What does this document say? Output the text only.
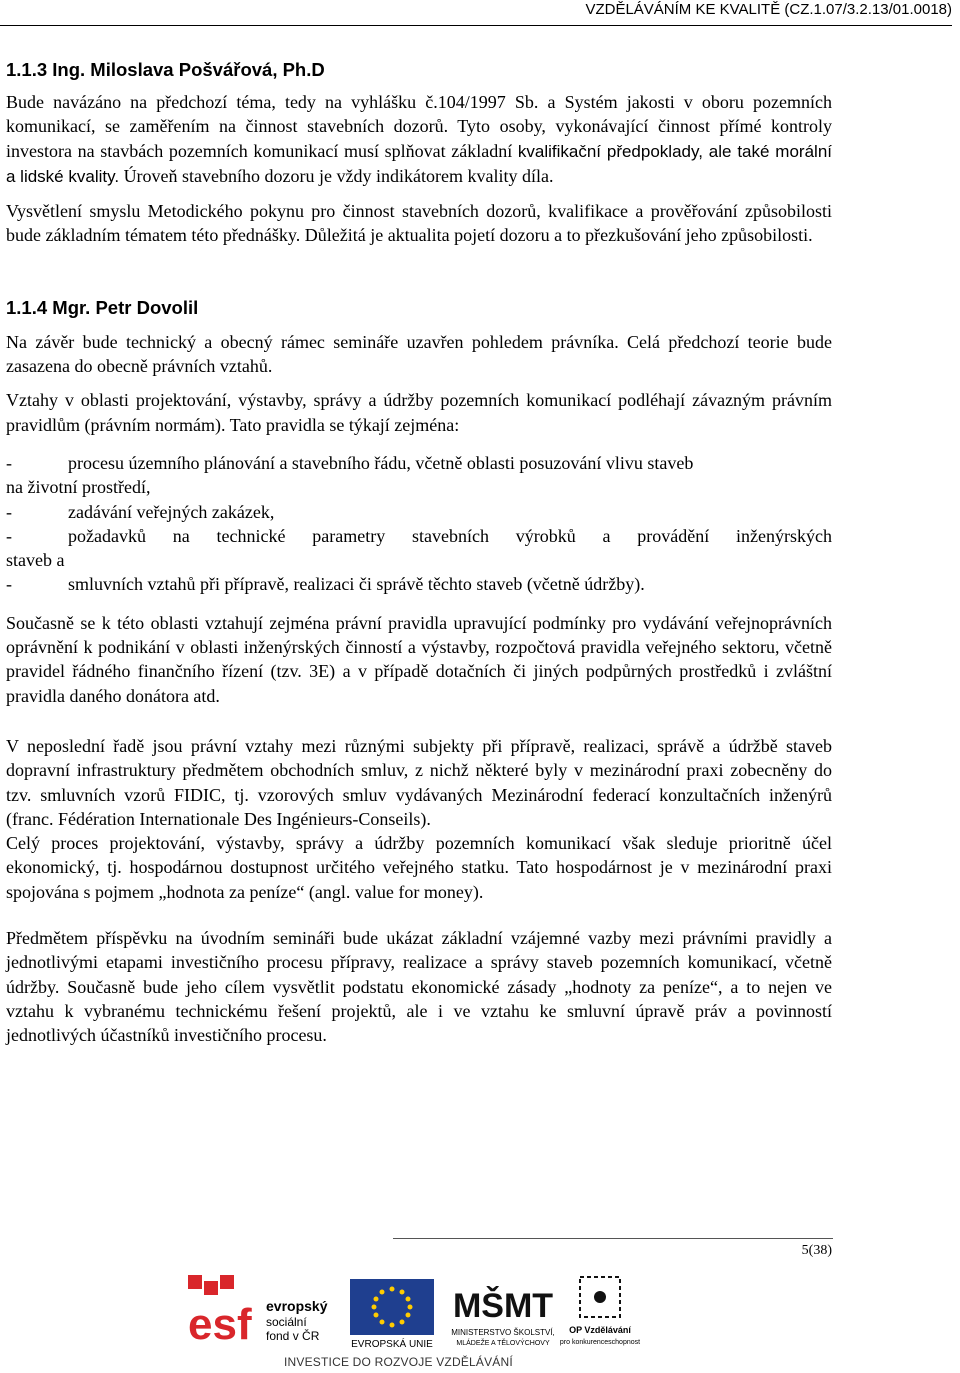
VZDĚLÁVÁNÍM KE KVALITĚ (CZ.1.07/3.2.13/01.0018)
1.1.3 Ing. Miloslava Pošvářová, Ph.D

Bude navázáno na předchozí téma, tedy na vyhlášku č.104/1997 Sb. a Systém jakosti v oboru pozemních komunikací, se zaměřením na činnost stavebních dozorů. Tyto osoby, vykonávající činnost přímé kontroly investora na stavbách pozemních komunikací musí splňovat základní kvalifikační předpoklady, ale také morální a lidské kvality. Úroveň stavebního dozoru je vždy indikátorem kvality díla.

Vysvětlení smyslu Metodického pokynu pro činnost stavebních dozorů, kvalifikace a prověřování způsobilosti bude základním tématem této přednášky. Důležitá je aktualita pojetí dozoru a to přezkušování jeho způsobilosti.

1.1.4 Mgr. Petr Dovolil

Na závěr bude technický a obecný rámec semináře uzavřen pohledem právníka. Celá předchozí teorie bude zasazena do obecně právních vztahů.

Vztahy v oblasti projektování, výstavby, správy a údržby pozemních komunikací podléhají závazným právním pravidlům (právním normám). Tato pravidla se týkají zejména:

-	procesu územního plánování a stavebního řádu, včetně oblasti posuzování vlivu staveb
na životní prostředí,
-	zadávání veřejných zakázek,
-	požadavků na technické parametry stavebních výrobků a provádění inženýrských
staveb a
-	smluvních vztahů při přípravě, realizaci či správě těchto staveb (včetně údržby).

Současně se k této oblasti vztahují zejména právní pravidla upravující podmínky pro vydávání veřejnoprávních oprávnění k podnikání v oblasti inženýrských činností a výstavby, rozpočtová pravidla veřejného sektoru, včetně pravidel řádného finančního řízení (tzv. 3E) a v případě dotačních či jiných podpůrných prostředků i zvláštní pravidla daného donátora atd.

V neposlední řadě jsou právní vztahy mezi různými subjekty při přípravě, realizaci, správě a údržbě staveb dopravní infrastruktury předmětem obchodních smluv, z nichž některé byly v mezinárodní praxi zobecněny do tzv. smluvních vzorů FIDIC, tj. vzorových smluv vydávaných Mezinárodní federací konzultačních inženýrů (franc. Fédération Internationale Des Ingénieurs-Conseils).

Celý proces projektování, výstavby, správy a údržby pozemních komunikací však sleduje prioritně účel ekonomický, tj. hospodárnou dostupnost určitého veřejného statku. Tato hospodárnost je v mezinárodní praxi spojována s pojmem „hodnota za peníze“ (angl. value for money).

Předmětem příspěvku na úvodním semináři bude ukázat základní vzájemné vazby mezi právními pravidly a jednotlivými etapami investičního procesu přípravy, realizace a správy staveb pozemních komunikací, včetně údržby. Současně bude jeho cílem vysvětlit podstatu ekonomické zásady „hodnoty za peníze“, a to nejen ve vztahu k vybranému technickému řešení projektů, ale i ve vztahu ke smluvní úpravě práv a povinností jednotlivých účastníků investičního procesu.

5(38)
esf evropský
sociální
fond v ČR
EVROPSKÁ UNIE
MŠMT
MINISTERSTVO ŠKOLSTVÍ,
MLÁDEŽE A TĚLOVÝCHOVY
OP Vzdělávání
pro konkurenceschopnost
INVESTICE DO ROZVOJE VZDĚLÁVÁNÍ
